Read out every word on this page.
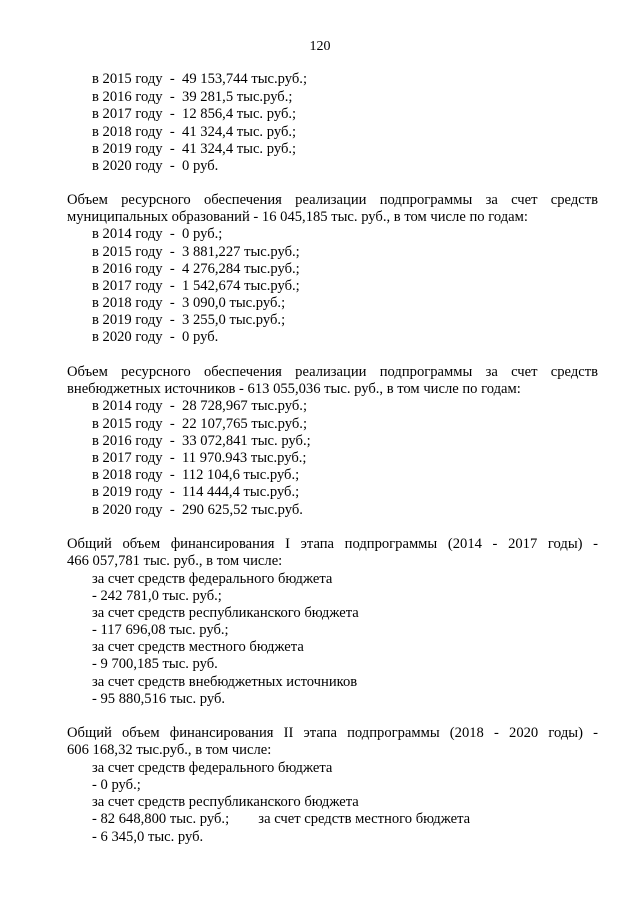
120
в 2015 году  -  49 153,744 тыс.руб.;
в 2016 году  -  39 281,5 тыс.руб.;
в 2017 году  -  12 856,4 тыс. руб.;
в 2018 году  -  41 324,4 тыс. руб.;
в 2019 году  -  41 324,4 тыс. руб.;
в 2020 году  -  0 руб.
Объем ресурсного обеспечения реализации подпрограммы за счет средств
муниципальных образований - 16 045,185 тыс. руб., в том числе по годам:
в 2014 году  -  0 руб.;
в 2015 году  -  3 881,227 тыс.руб.;
в 2016 году  -  4 276,284 тыс.руб.;
в 2017 году  -  1 542,674 тыс.руб.;
в 2018 году  -  3 090,0 тыс.руб.;
в 2019 году  -  3 255,0 тыс.руб.;
в 2020 году  -  0 руб.
Объем ресурсного обеспечения реализации подпрограммы за счет средств
внебюджетных источников - 613 055,036 тыс. руб., в том числе по годам:
в 2014 году  -  28 728,967 тыс.руб.;
в 2015 году  -  22 107,765 тыс.руб.;
в 2016 году  -  33 072,841 тыс. руб.;
в 2017 году  -  11 970.943 тыс.руб.;
в 2018 году  -  112 104,6 тыс.руб.;
в 2019 году  -  114 444,4 тыс.руб.;
в 2020 году  -  290 625,52 тыс.руб.
Общий объем финансирования I этапа подпрограммы (2014 - 2017 годы) -
466 057,781 тыс. руб., в том числе:
за счет средств федерального бюджета
- 242 781,0 тыс. руб.;
за счет средств республиканского бюджета
- 117 696,08 тыс. руб.;
за счет средств местного бюджета
- 9 700,185 тыс. руб.
за счет средств внебюджетных источников
- 95 880,516 тыс. руб.
Общий объем финансирования II этапа подпрограммы (2018 - 2020 годы) -
606 168,32 тыс.руб., в том числе:
за счет средств федерального бюджета
- 0 руб.;
за счет средств республиканского бюджета
- 82 648,800 тыс. руб.;        за счет средств местного бюджета
- 6 345,0 тыс. руб.
